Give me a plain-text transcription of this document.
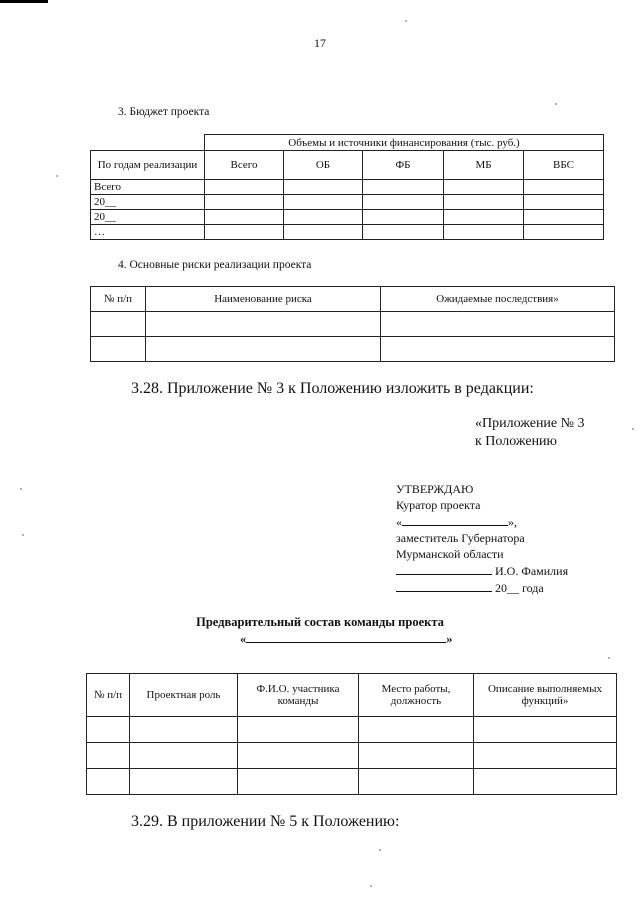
17
3. Бюджет проекта
	Объемы и источники финансирования (тыс. руб.)				
По годам реализации	Всего	ОБ	ФБ	МБ	ВБС
Всего					
20__					
20__					
…					
4. Основные риски реализации проекта
№ п/п	Наименование риска	Ожидаемые последствия»

3.28. Приложение № 3 к Положению изложить в редакции:
«Приложение № 3
к Положению
УТВЕРЖДАЮ
Куратор проекта
«	»,
заместитель Губернатора
Мурманской области
И.О. Фамилия
20__ года
Предварительный состав команды проекта
«	»
№ п/п	Проектная роль	Ф.И.О. участника команды	Место работы, должность	Описание выполняемых функций»

3.29. В приложении № 5 к Положению:
